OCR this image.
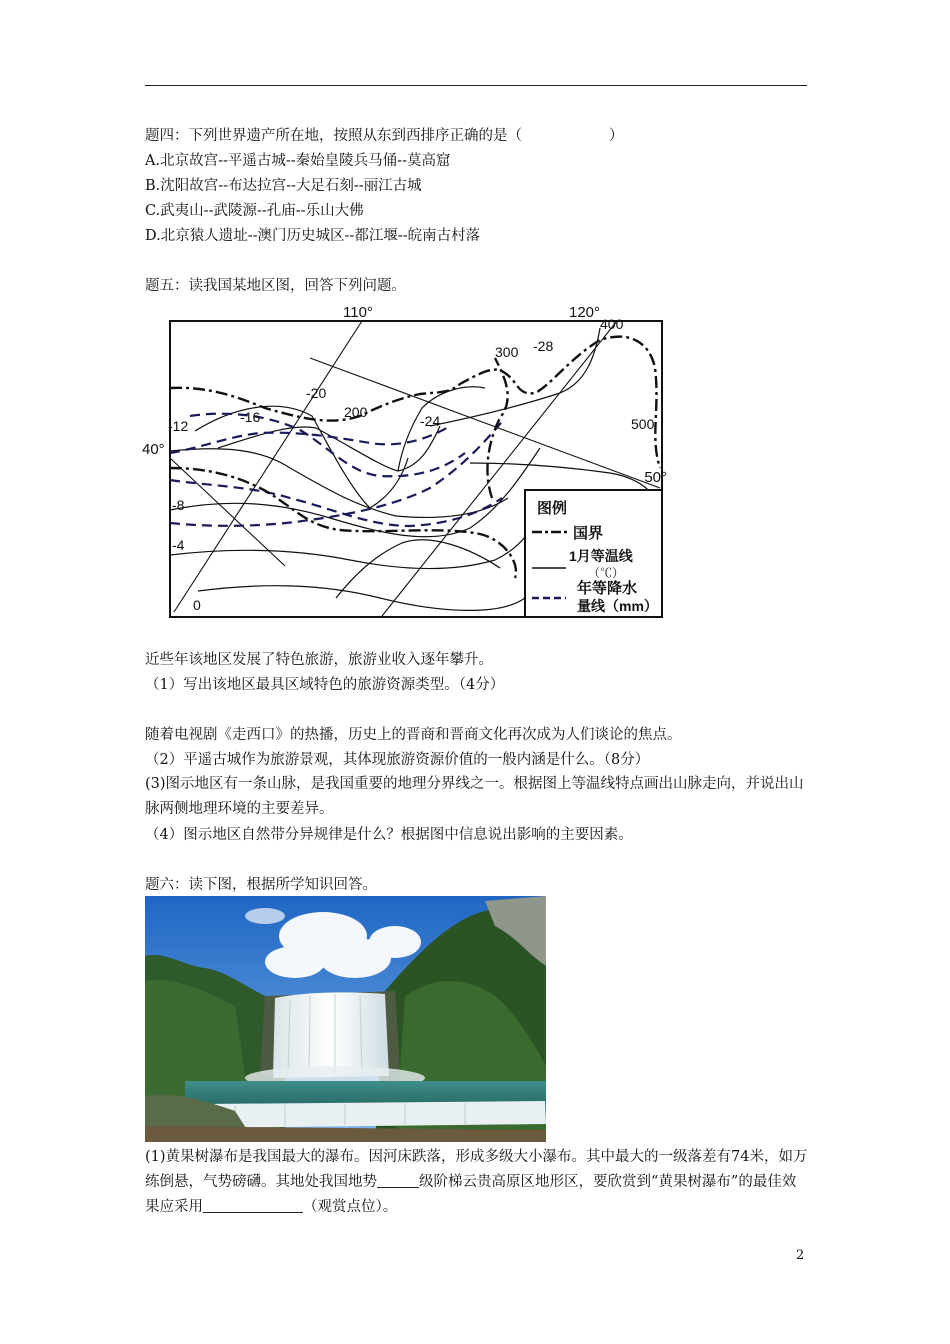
题四：下列世界遗产所在地，按照从东到西排序正确的是（　　　　　　）
A.北京故宫--平遥古城--秦始皇陵兵马俑--莫高窟
B.沈阳故宫--布达拉宫--大足石刻--丽江古城
C.武夷山--武陵源--孔庙--乐山大佛
D.北京猿人遗址--澳门历史城区--都江堰--皖南古村落
题五：读我国某地区图，回答下列问题。
110°	120°
40°
50°
-12
-16
-20
-24
-28
-8
-4
0
200
300
400
500
图例
国界
1月等温线
（℃）
年等降水
量线（mm）
近些年该地区发展了特色旅游，旅游业收入逐年攀升。
（1）写出该地区最具区域特色的旅游资源类型。（4分）
随着电视剧《走西口》的热播，历史上的晋商和晋商文化再次成为人们谈论的焦点。
（2）平遥古城作为旅游景观，其体现旅游资源价值的一般内涵是什么。（8分）
(3)图示地区有一条山脉，是我国重要的地理分界线之一。根据图上等温线特点画出山脉走向，并说出山脉两侧地理环境的主要差异。
（4）图示地区自然带分异规律是什么？根据图中信息说出影响的主要因素。
题六：读下图，根据所学知识回答。
(1)黄果树瀑布是我国最大的瀑布。因河床跌落，形成多级大小瀑布。其中最大的一级落差有74米，如万练倒悬，气势磅礴。其地处我国地势	级阶梯云贵高原区地形区，要欣赏到“黄果树瀑布”的最佳效果应采用	（观赏点位）。
2
